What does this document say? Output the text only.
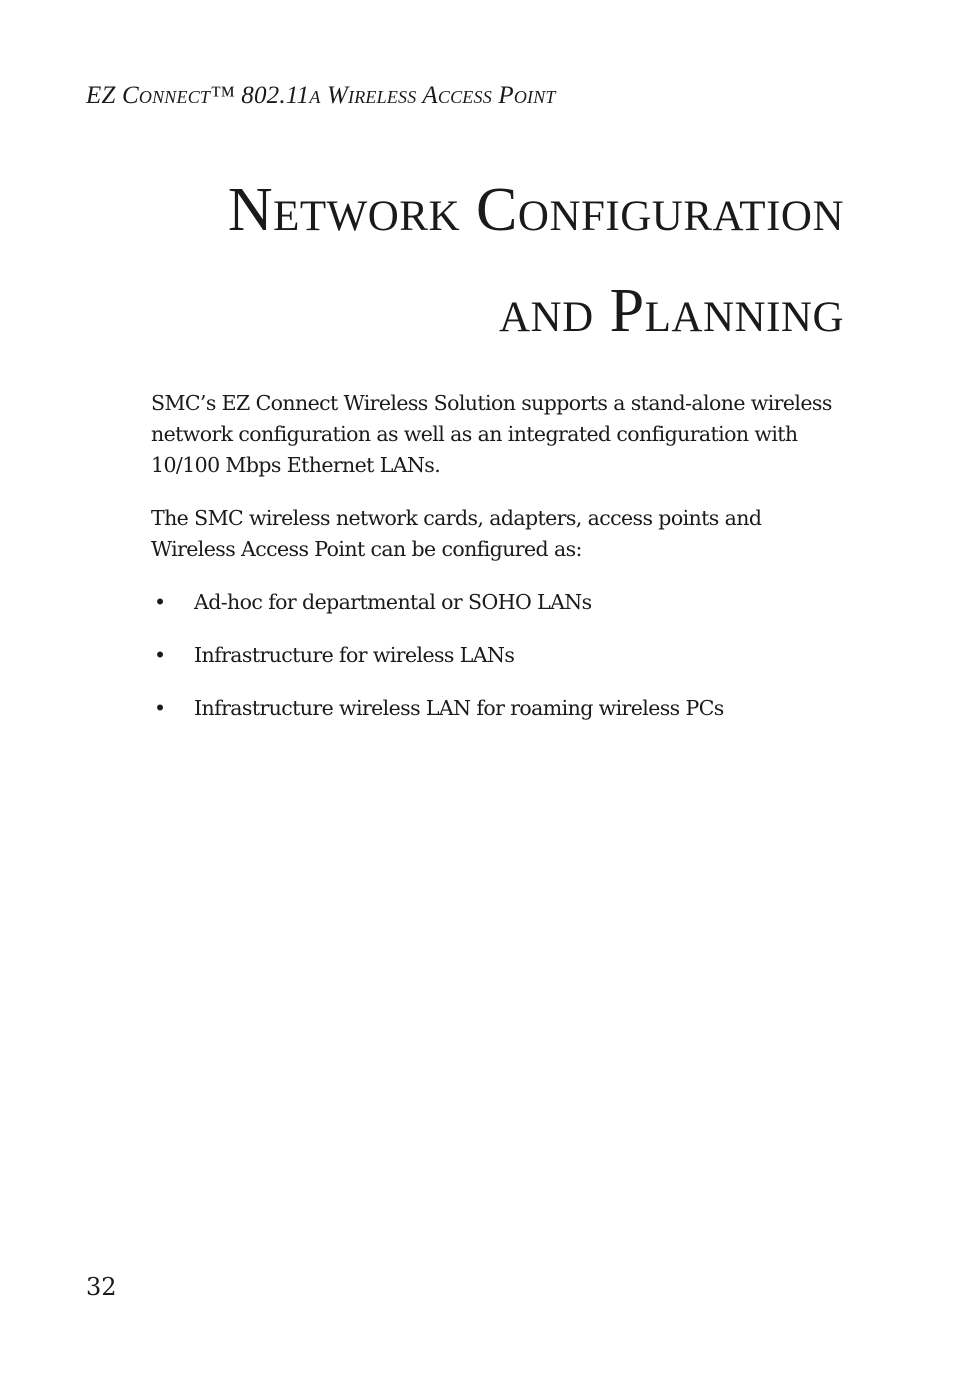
EZ Connect™ 802.11a Wireless Access Point
Network Configuration
and Planning

SMC’s EZ Connect Wireless Solution supports a stand-alone wireless network configuration as well as an integrated configuration with 10/100 Mbps Ethernet LANs.

The SMC wireless network cards, adapters, access points and Wireless Access Point can be configured as:

• Ad-hoc for departmental or SOHO LANs
• Infrastructure for wireless LANs
• Infrastructure wireless LAN for roaming wireless PCs
32
